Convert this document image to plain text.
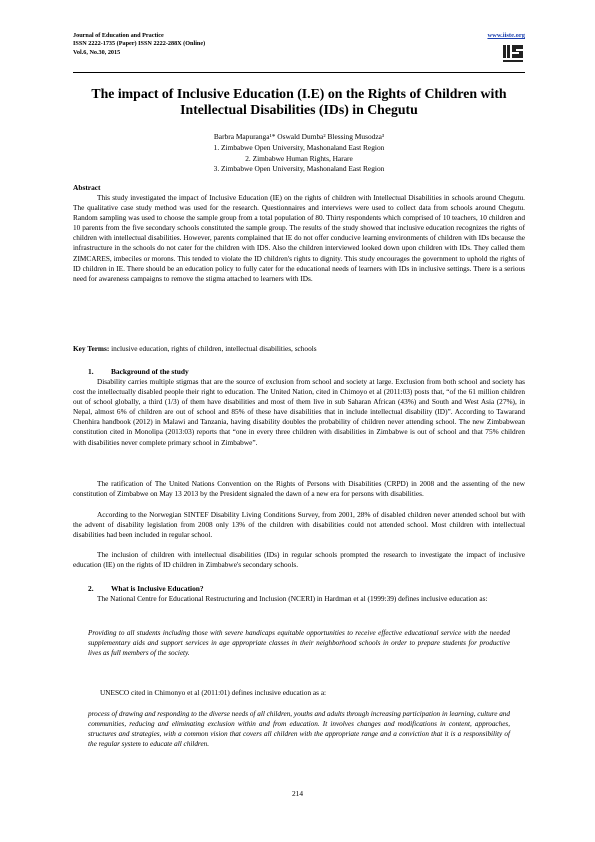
Journal of Education and Practice
ISSN 2222-1735 (Paper) ISSN 2222-288X (Online)
Vol.6, No.30, 2015
www.iiste.org
The impact of Inclusive Education (I.E) on the Rights of Children with Intellectual Disabilities (IDs) in Chegutu
Barbra Mapuranga¹* Oswald Dumba² Blessing Musodza³
1. Zimbabwe Open University, Mashonaland East Region
2. Zimbabwe Human Rights, Harare
3. Zimbabwe Open University, Mashonaland East Region
Abstract
This study investigated the impact of Inclusive Education (IE) on the rights of children with Intellectual Disabilities in schools around Chegutu. The qualitative case study method was used for the research. Questionnaires and interviews were used to collect data from schools around Chegutu. Random sampling was used to choose the sample group from a total population of 80. Thirty respondents which comprised of 10 teachers, 10 children and 10 parents from the five secondary schools constituted the sample group. The results of the study showed that inclusive education recognizes the rights of children with intellectual disabilities. However, parents complained that IE do not offer conducive learning environments of children with IDs because the infrastructure in the schools do not cater for the children with IDS. Also the children interviewed looked down upon children with IDs. They called them ZIMCARES, imbeciles or morons. This tended to violate the ID children's rights to dignity. This study encourages the government to uphold the rights of ID children in IE. There should be an education policy to fully cater for the educational needs of learners with IDs in inclusive settings. There is a serious need for awareness campaigns to remove the stigma attached to learners with IDs.
Key Terms: inclusive education, rights of children, intellectual disabilities, schools
1. Background of the study
Disability carries multiple stigmas that are the source of exclusion from school and society at large. Exclusion from both school and society has cost the intellectually disabled people their right to education. The United Nation, cited in Chimoyo et al (2011:03) posts that, “of the 61 million children out of school globally, a third (1/3) of them have disabilities and most of them live in sub Saharan African (43%) and South and West Asia (27%), in Nepal, almost 6% of children are out of school and 85% of these have disabilities that in include intellectual disability (ID)”. According to Tawarand Chenhira handbook (2012) in Malawi and Tanzania, having disability doubles the probability of children never attending school. The new Zimbabwean constitution cited in Monolipa (2013:03) reports that “one in every three children with disabilities in Zimbabwe is out of school and that 75% children with disabilities never complete primary school in Zimbabwe”.
The ratification of The United Nations Convention on the Rights of Persons with Disabilities (CRPD) in 2008 and the assenting of the new constitution of Zimbabwe on May 13 2013 by the President signaled the dawn of a new era for persons with disabilities.
According to the Norwegian SINTEF Disability Living Conditions Survey, from 2001, 28% of disabled children never attended school but with the advent of disability legislation from 2008 only 13% of the children with disabilities could not attended school. Most children with intellectual disabilities had been included in regular school.
The inclusion of children with intellectual disabilities (IDs) in regular schools prompted the research to investigate the impact of inclusive education (IE) on the rights of ID children in Zimbabwe's secondary schools.
2. What is Inclusive Education?
The National Centre for Educational Restructuring and Inclusion (NCERI) in Hardman et al (1999:39) defines inclusive education as:
Providing to all students including those with severe handicaps equitable opportunities to receive effective educational service with the needed supplementary aids and support services in age appropriate classes in their neighborhood schools in order to prepare students for productive lives as full members of the society.
UNESCO cited in Chimonyo et al (2011:01) defines inclusive education as a:
process of drawing and responding to the diverse needs of all children, youths and adults through increasing participation in learning, culture and communities, reducing and eliminating exclusion within and from education. It involves changes and modifications in content, approaches, structures and strategies, with a common vision that covers all children with the appropriate range and a conviction that it is a responsibility of the regular system to educate all children.
214
